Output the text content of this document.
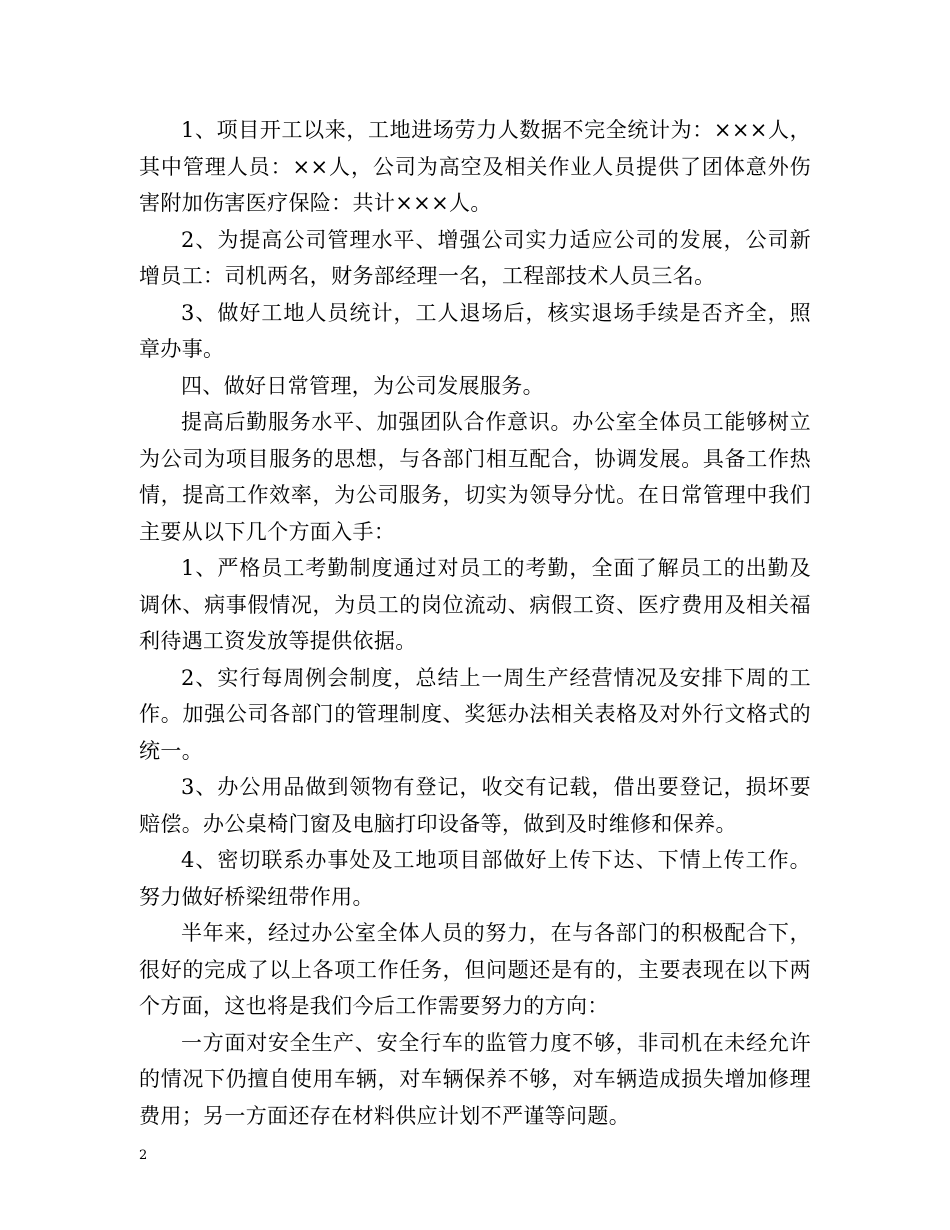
1、项目开工以来，工地进场劳力人数据不完全统计为：×××人，其中管理人员：××人，公司为高空及相关作业人员提供了团体意外伤害附加伤害医疗保险：共计×××人。

2、为提高公司管理水平、增强公司实力适应公司的发展，公司新增员工：司机两名，财务部经理一名，工程部技术人员三名。

3、做好工地人员统计，工人退场后，核实退场手续是否齐全，照章办事。

四、做好日常管理，为公司发展服务。

提高后勤服务水平、加强团队合作意识。办公室全体员工能够树立为公司为项目服务的思想，与各部门相互配合，协调发展。具备工作热情，提高工作效率，为公司服务，切实为领导分忧。在日常管理中我们主要从以下几个方面入手：

1、严格员工考勤制度通过对员工的考勤，全面了解员工的出勤及调休、病事假情况，为员工的岗位流动、病假工资、医疗费用及相关福利待遇工资发放等提供依据。

2、实行每周例会制度，总结上一周生产经营情况及安排下周的工作。加强公司各部门的管理制度、奖惩办法相关表格及对外行文格式的统一。

3、办公用品做到领物有登记，收交有记载，借出要登记，损坏要赔偿。办公桌椅门窗及电脑打印设备等，做到及时维修和保养。

4、密切联系办事处及工地项目部做好上传下达、下情上传工作。努力做好桥梁纽带作用。

半年来，经过办公室全体人员的努力，在与各部门的积极配合下，很好的完成了以上各项工作任务，但问题还是有的，主要表现在以下两个方面，这也将是我们今后工作需要努力的方向：

一方面对安全生产、安全行车的监管力度不够，非司机在未经允许的情况下仍擅自使用车辆，对车辆保养不够，对车辆造成损失增加修理费用；另一方面还存在材料供应计划不严谨等问题。

2
